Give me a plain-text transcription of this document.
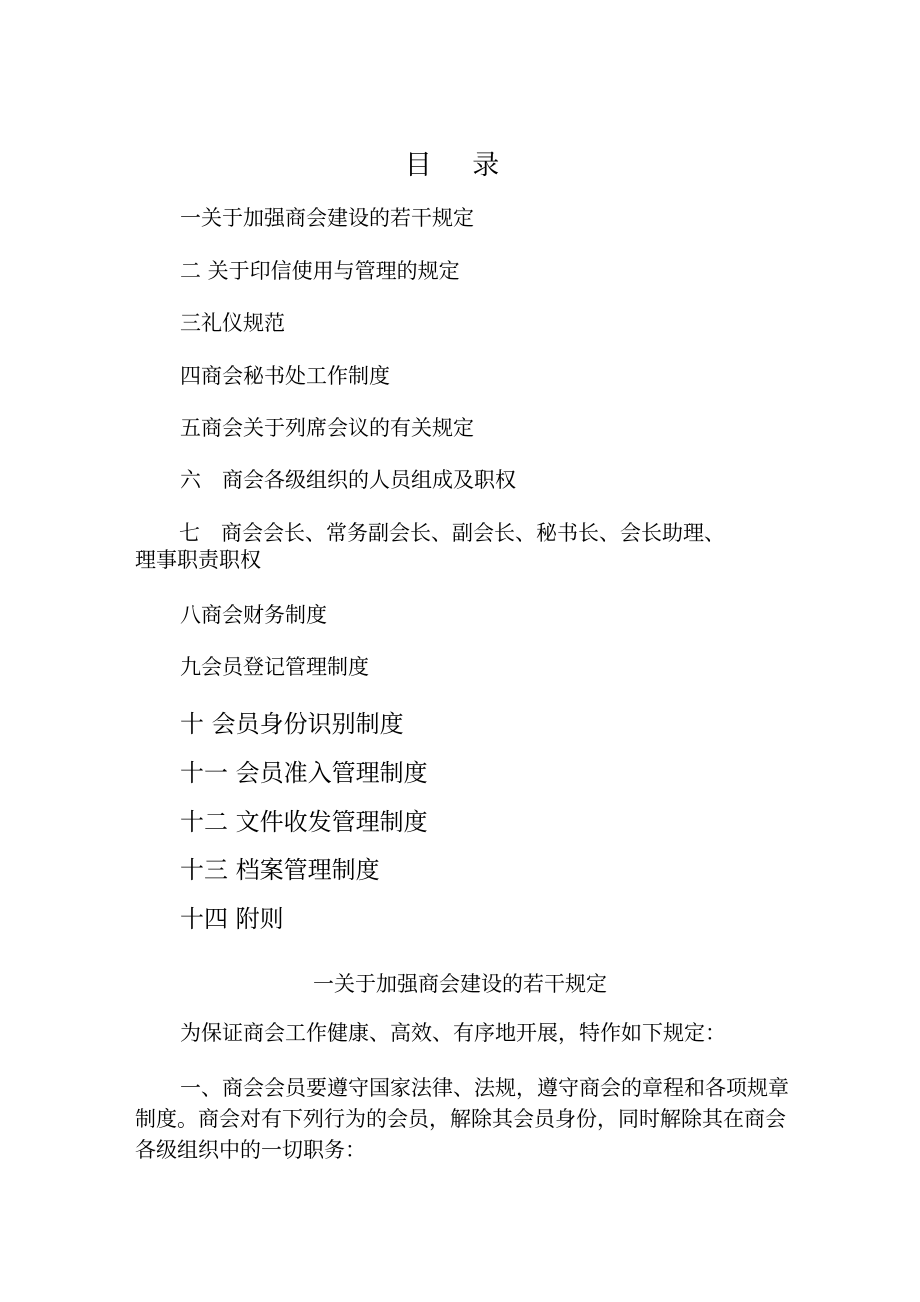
目 录
一关于加强商会建设的若干规定
二 关于印信使用与管理的规定
三礼仪规范
四商会秘书处工作制度
五商会关于列席会议的有关规定
六　商会各级组织的人员组成及职权
七　商会会长、常务副会长、副会长、秘书长、会长助理、
理事职责职权
八商会财务制度
九会员登记管理制度
十 会员身份识别制度
十一 会员准入管理制度
十二 文件收发管理制度
十三 档案管理制度
十四 附则
一关于加强商会建设的若干规定
为保证商会工作健康、高效、有序地开展，特作如下规定：
一、商会会员要遵守国家法律、法规，遵守商会的章程和各项规章制度。商会对有下列行为的会员，解除其会员身份，同时解除其在商会各级组织中的一切职务：
